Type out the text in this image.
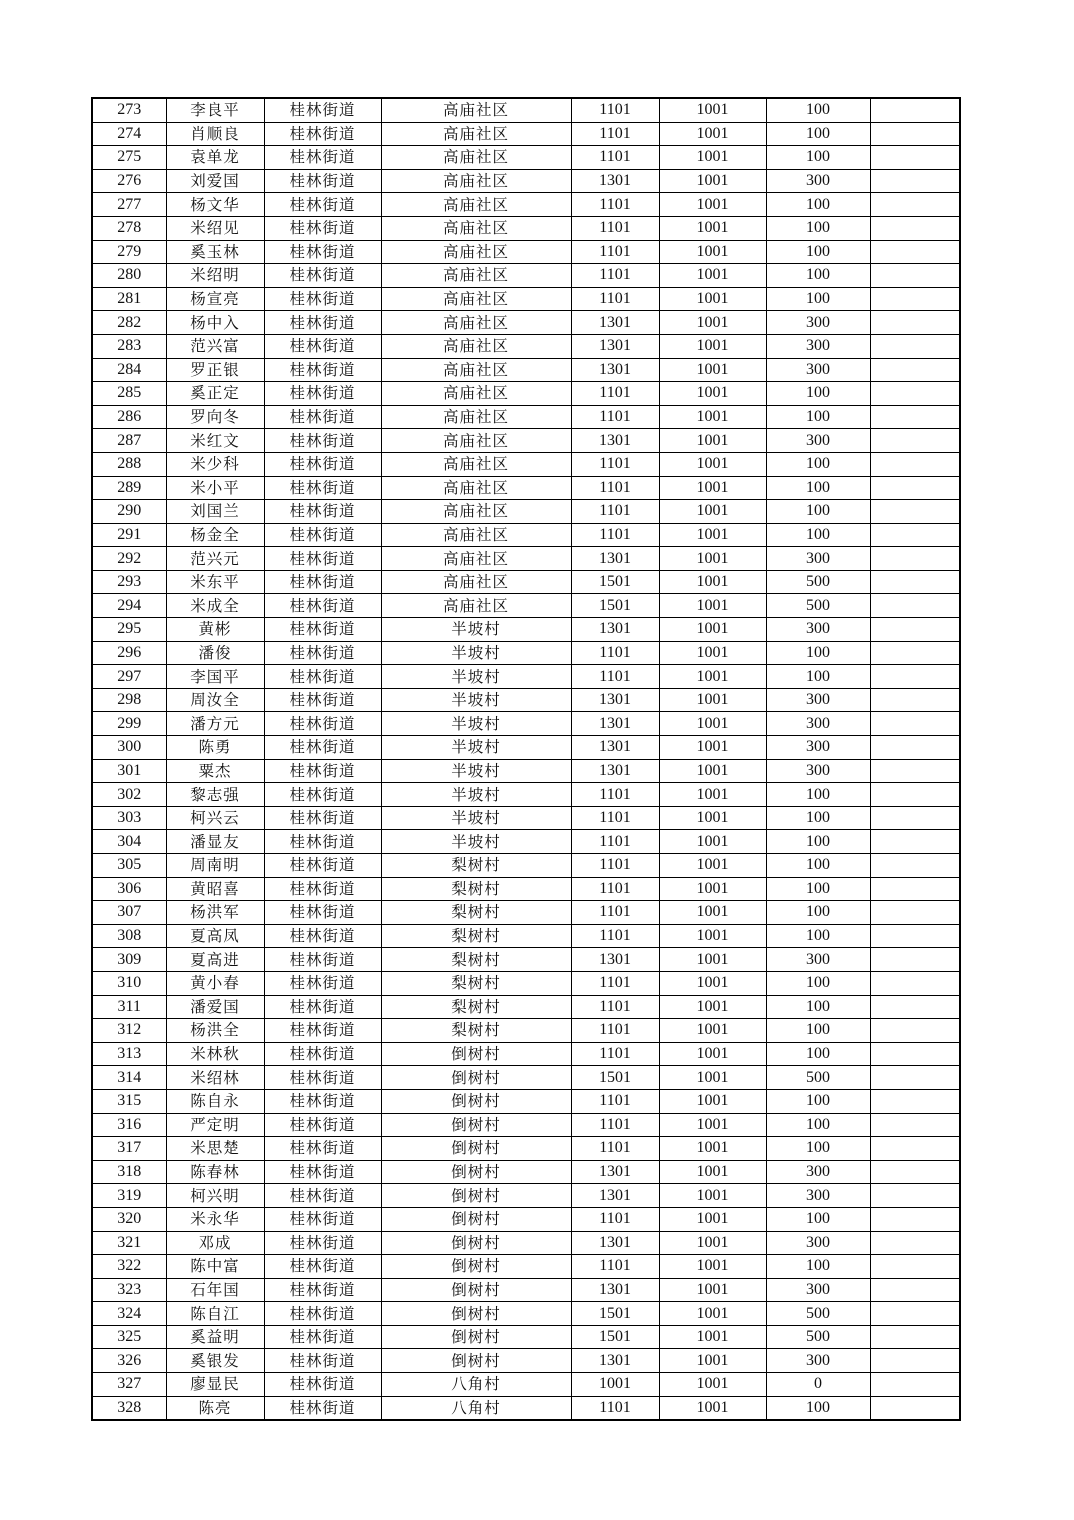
273	李良平	桂林街道	高庙社区	1101	1001	100	
274	肖顺良	桂林街道	高庙社区	1101	1001	100	
275	袁单龙	桂林街道	高庙社区	1101	1001	100	
276	刘爱国	桂林街道	高庙社区	1301	1001	300	
277	杨文华	桂林街道	高庙社区	1101	1001	100	
278	米绍见	桂林街道	高庙社区	1101	1001	100	
279	奚玉林	桂林街道	高庙社区	1101	1001	100	
280	米绍明	桂林街道	高庙社区	1101	1001	100	
281	杨宣亮	桂林街道	高庙社区	1101	1001	100	
282	杨中入	桂林街道	高庙社区	1301	1001	300	
283	范兴富	桂林街道	高庙社区	1301	1001	300	
284	罗正银	桂林街道	高庙社区	1301	1001	300	
285	奚正定	桂林街道	高庙社区	1101	1001	100	
286	罗向冬	桂林街道	高庙社区	1101	1001	100	
287	米红文	桂林街道	高庙社区	1301	1001	300	
288	米少科	桂林街道	高庙社区	1101	1001	100	
289	米小平	桂林街道	高庙社区	1101	1001	100	
290	刘国兰	桂林街道	高庙社区	1101	1001	100	
291	杨金全	桂林街道	高庙社区	1101	1001	100	
292	范兴元	桂林街道	高庙社区	1301	1001	300	
293	米东平	桂林街道	高庙社区	1501	1001	500	
294	米成全	桂林街道	高庙社区	1501	1001	500	
295	黄彬	桂林街道	半坡村	1301	1001	300	
296	潘俊	桂林街道	半坡村	1101	1001	100	
297	李国平	桂林街道	半坡村	1101	1001	100	
298	周汝全	桂林街道	半坡村	1301	1001	300	
299	潘方元	桂林街道	半坡村	1301	1001	300	
300	陈勇	桂林街道	半坡村	1301	1001	300	
301	粟杰	桂林街道	半坡村	1301	1001	300	
302	黎志强	桂林街道	半坡村	1101	1001	100	
303	柯兴云	桂林街道	半坡村	1101	1001	100	
304	潘显友	桂林街道	半坡村	1101	1001	100	
305	周南明	桂林街道	梨树村	1101	1001	100	
306	黄昭喜	桂林街道	梨树村	1101	1001	100	
307	杨洪军	桂林街道	梨树村	1101	1001	100	
308	夏高凤	桂林街道	梨树村	1101	1001	100	
309	夏高进	桂林街道	梨树村	1301	1001	300	
310	黄小春	桂林街道	梨树村	1101	1001	100	
311	潘爱国	桂林街道	梨树村	1101	1001	100	
312	杨洪全	桂林街道	梨树村	1101	1001	100	
313	米林秋	桂林街道	倒树村	1101	1001	100	
314	米绍林	桂林街道	倒树村	1501	1001	500	
315	陈自永	桂林街道	倒树村	1101	1001	100	
316	严定明	桂林街道	倒树村	1101	1001	100	
317	米思楚	桂林街道	倒树村	1101	1001	100	
318	陈春林	桂林街道	倒树村	1301	1001	300	
319	柯兴明	桂林街道	倒树村	1301	1001	300	
320	米永华	桂林街道	倒树村	1101	1001	100	
321	邓成	桂林街道	倒树村	1301	1001	300	
322	陈中富	桂林街道	倒树村	1101	1001	100	
323	石年国	桂林街道	倒树村	1301	1001	300	
324	陈自江	桂林街道	倒树村	1501	1001	500	
325	奚益明	桂林街道	倒树村	1501	1001	500	
326	奚银发	桂林街道	倒树村	1301	1001	300	
327	廖显民	桂林街道	八角村	1001	1001	0	
328	陈亮	桂林街道	八角村	1101	1001	100	
